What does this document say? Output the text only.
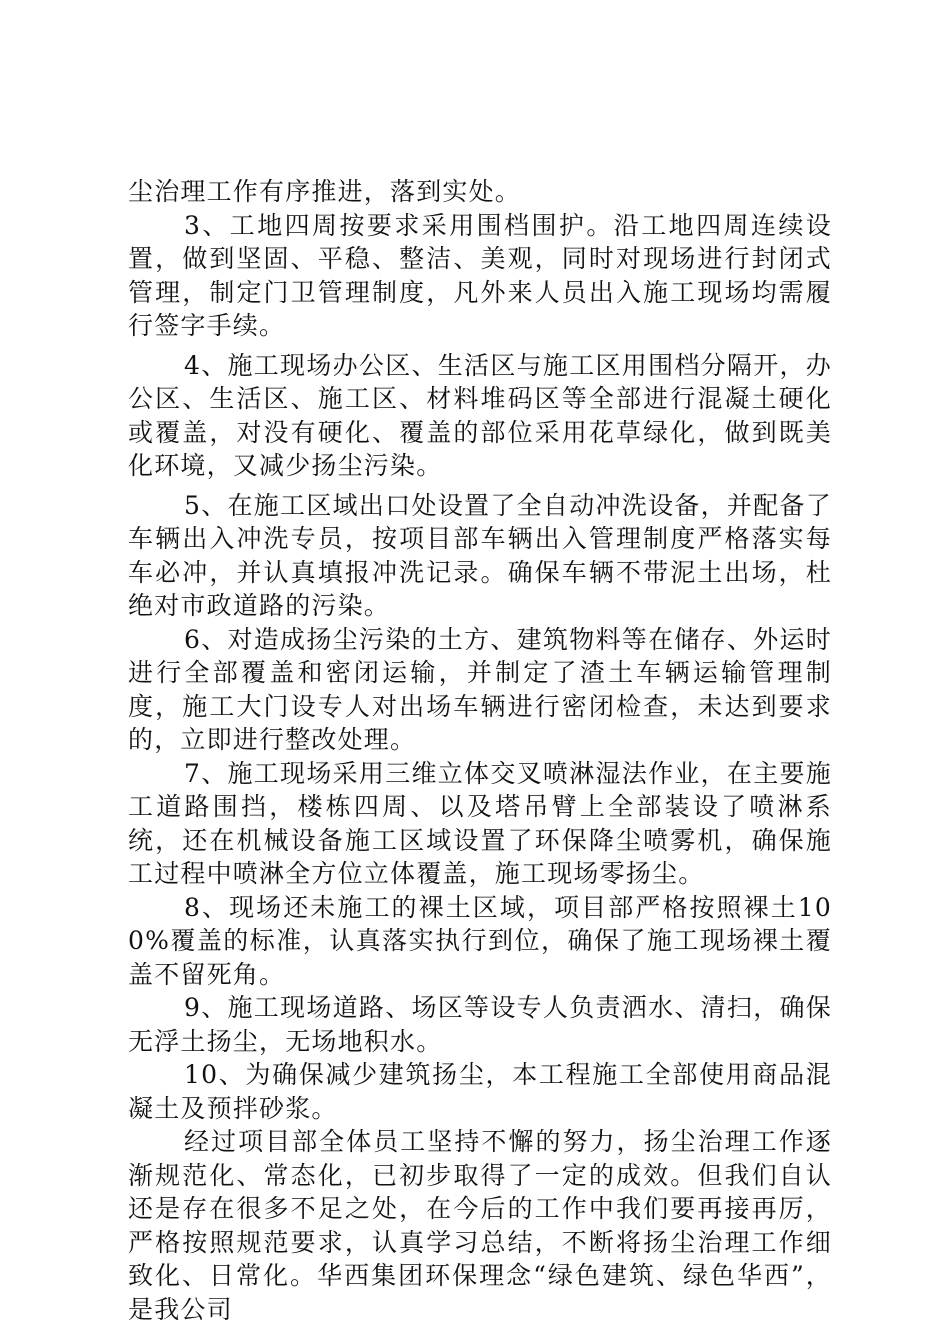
尘治理工作有序推进，落到实处。

3、工地四周按要求采用围档围护。沿工地四周连续设置，做到坚固、平稳、整洁、美观，同时对现场进行封闭式管理，制定门卫管理制度，凡外来人员出入施工现场均需履行签字手续。

4、施工现场办公区、生活区与施工区用围档分隔开，办公区、生活区、施工区、材料堆码区等全部进行混凝土硬化或覆盖，对没有硬化、覆盖的部位采用花草绿化，做到既美化环境，又减少扬尘污染。

5、在施工区域出口处设置了全自动冲洗设备，并配备了车辆出入冲洗专员，按项目部车辆出入管理制度严格落实每车必冲，并认真填报冲洗记录。确保车辆不带泥土出场，杜绝对市政道路的污染。

6、对造成扬尘污染的土方、建筑物料等在储存、外运时进行全部覆盖和密闭运输，并制定了渣土车辆运输管理制度，施工大门设专人对出场车辆进行密闭检查，未达到要求的，立即进行整改处理。

7、施工现场采用三维立体交叉喷淋湿法作业，在主要施工道路围挡，楼栋四周、以及塔吊臂上全部装设了喷淋系统，还在机械设备施工区域设置了环保降尘喷雾机，确保施工过程中喷淋全方位立体覆盖，施工现场零扬尘。

8、现场还未施工的裸土区域，项目部严格按照裸土100%覆盖的标准，认真落实执行到位，确保了施工现场裸土覆盖不留死角。

9、施工现场道路、场区等设专人负责洒水、清扫，确保无浮土扬尘，无场地积水。

10、为确保减少建筑扬尘，本工程施工全部使用商品混凝土及预拌砂浆。

经过项目部全体员工坚持不懈的努力，扬尘治理工作逐渐规范化、常态化，已初步取得了一定的成效。但我们自认还是存在很多不足之处，在今后的工作中我们要再接再厉，严格按照规范要求，认真学习总结，不断将扬尘治理工作细致化、日常化。华西集团环保理念“绿色建筑、绿色华西”，是我公司
